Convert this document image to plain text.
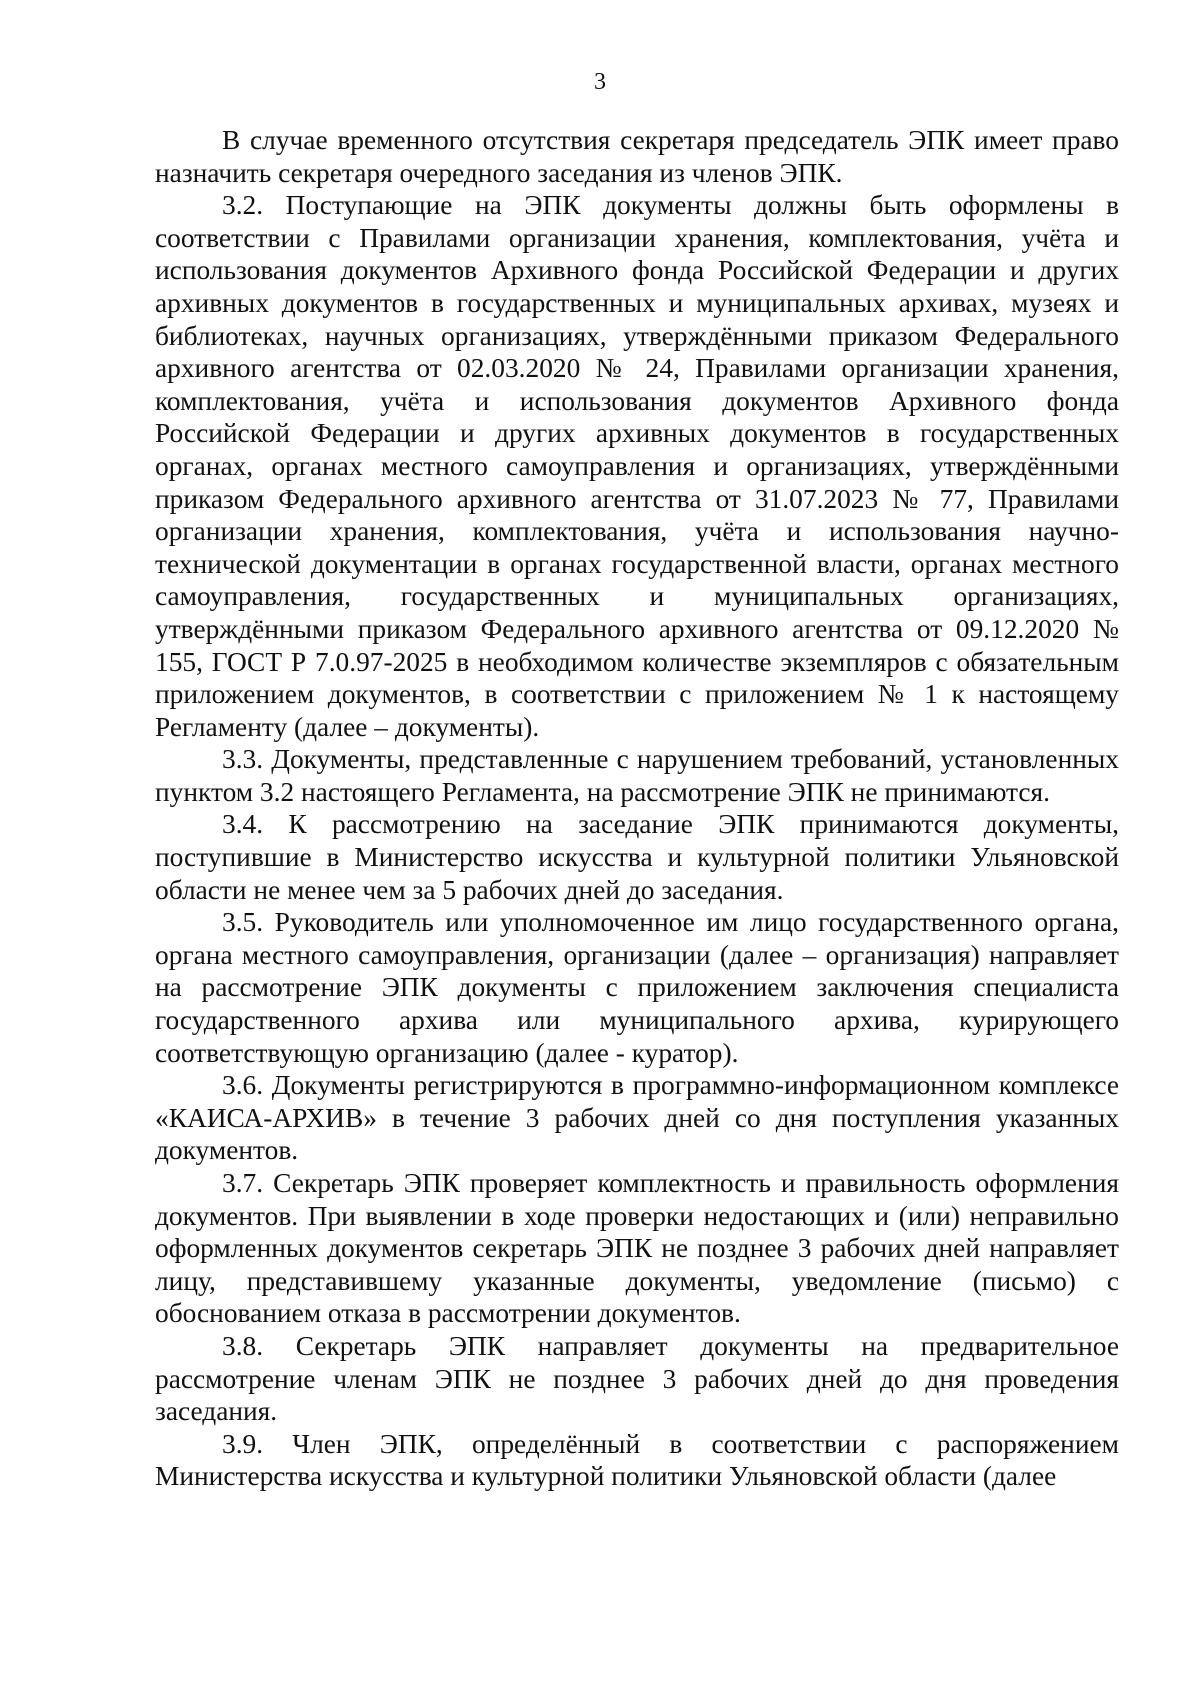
3

В случае временного отсутствия секретаря председатель ЭПК имеет право назначить секретаря очередного заседания из членов ЭПК.

3.2. Поступающие на ЭПК документы должны быть оформлены в соответствии с Правилами организации хранения, комплектования, учёта и использования документов Архивного фонда Российской Федерации и других архивных документов в государственных и муниципальных архивах, музеях и библиотеках, научных организациях, утверждёнными приказом Федерального архивного агентства от 02.03.2020 № 24, Правилами организации хранения, комплектования, учёта и использования документов Архивного фонда Российской Федерации и других архивных документов в государственных органах, органах местного самоуправления и организациях, утверждёнными приказом Федерального архивного агентства от 31.07.2023 № 77, Правилами организации хранения, комплектования, учёта и использования научно-технической документации в органах государственной власти, органах местного самоуправления, государственных и муниципальных организациях, утверждёнными приказом Федерального архивного агентства от 09.12.2020 № 155, ГОСТ Р 7.0.97-2025 в необходимом количестве экземпляров с обязательным приложением документов, в соответствии с приложением № 1 к настоящему Регламенту (далее – документы).

3.3. Документы, представленные с нарушением требований, установленных пунктом 3.2 настоящего Регламента, на рассмотрение ЭПК не принимаются.

3.4. К рассмотрению на заседание ЭПК принимаются документы, поступившие в Министерство искусства и культурной политики Ульяновской области не менее чем за 5 рабочих дней до заседания.

3.5. Руководитель или уполномоченное им лицо государственного органа, органа местного самоуправления, организации (далее – организация) направляет на рассмотрение ЭПК документы с приложением заключения специалиста государственного архива или муниципального архива, курирующего соответствующую организацию (далее - куратор).

3.6. Документы регистрируются в программно-информационном комплексе «КАИСА-АРХИВ» в течение 3 рабочих дней со дня поступления указанных документов.

3.7. Секретарь ЭПК проверяет комплектность и правильность оформления документов. При выявлении в ходе проверки недостающих и (или) неправильно оформленных документов секретарь ЭПК не позднее 3 рабочих дней направляет лицу, представившему указанные документы, уведомление (письмо) с обоснованием отказа в рассмотрении документов.

3.8. Секретарь ЭПК направляет документы на предварительное рассмотрение членам ЭПК не позднее 3 рабочих дней до дня проведения заседания.

3.9. Член ЭПК, определённый в соответствии с распоряжением Министерства искусства и культурной политики Ульяновской области (далее
